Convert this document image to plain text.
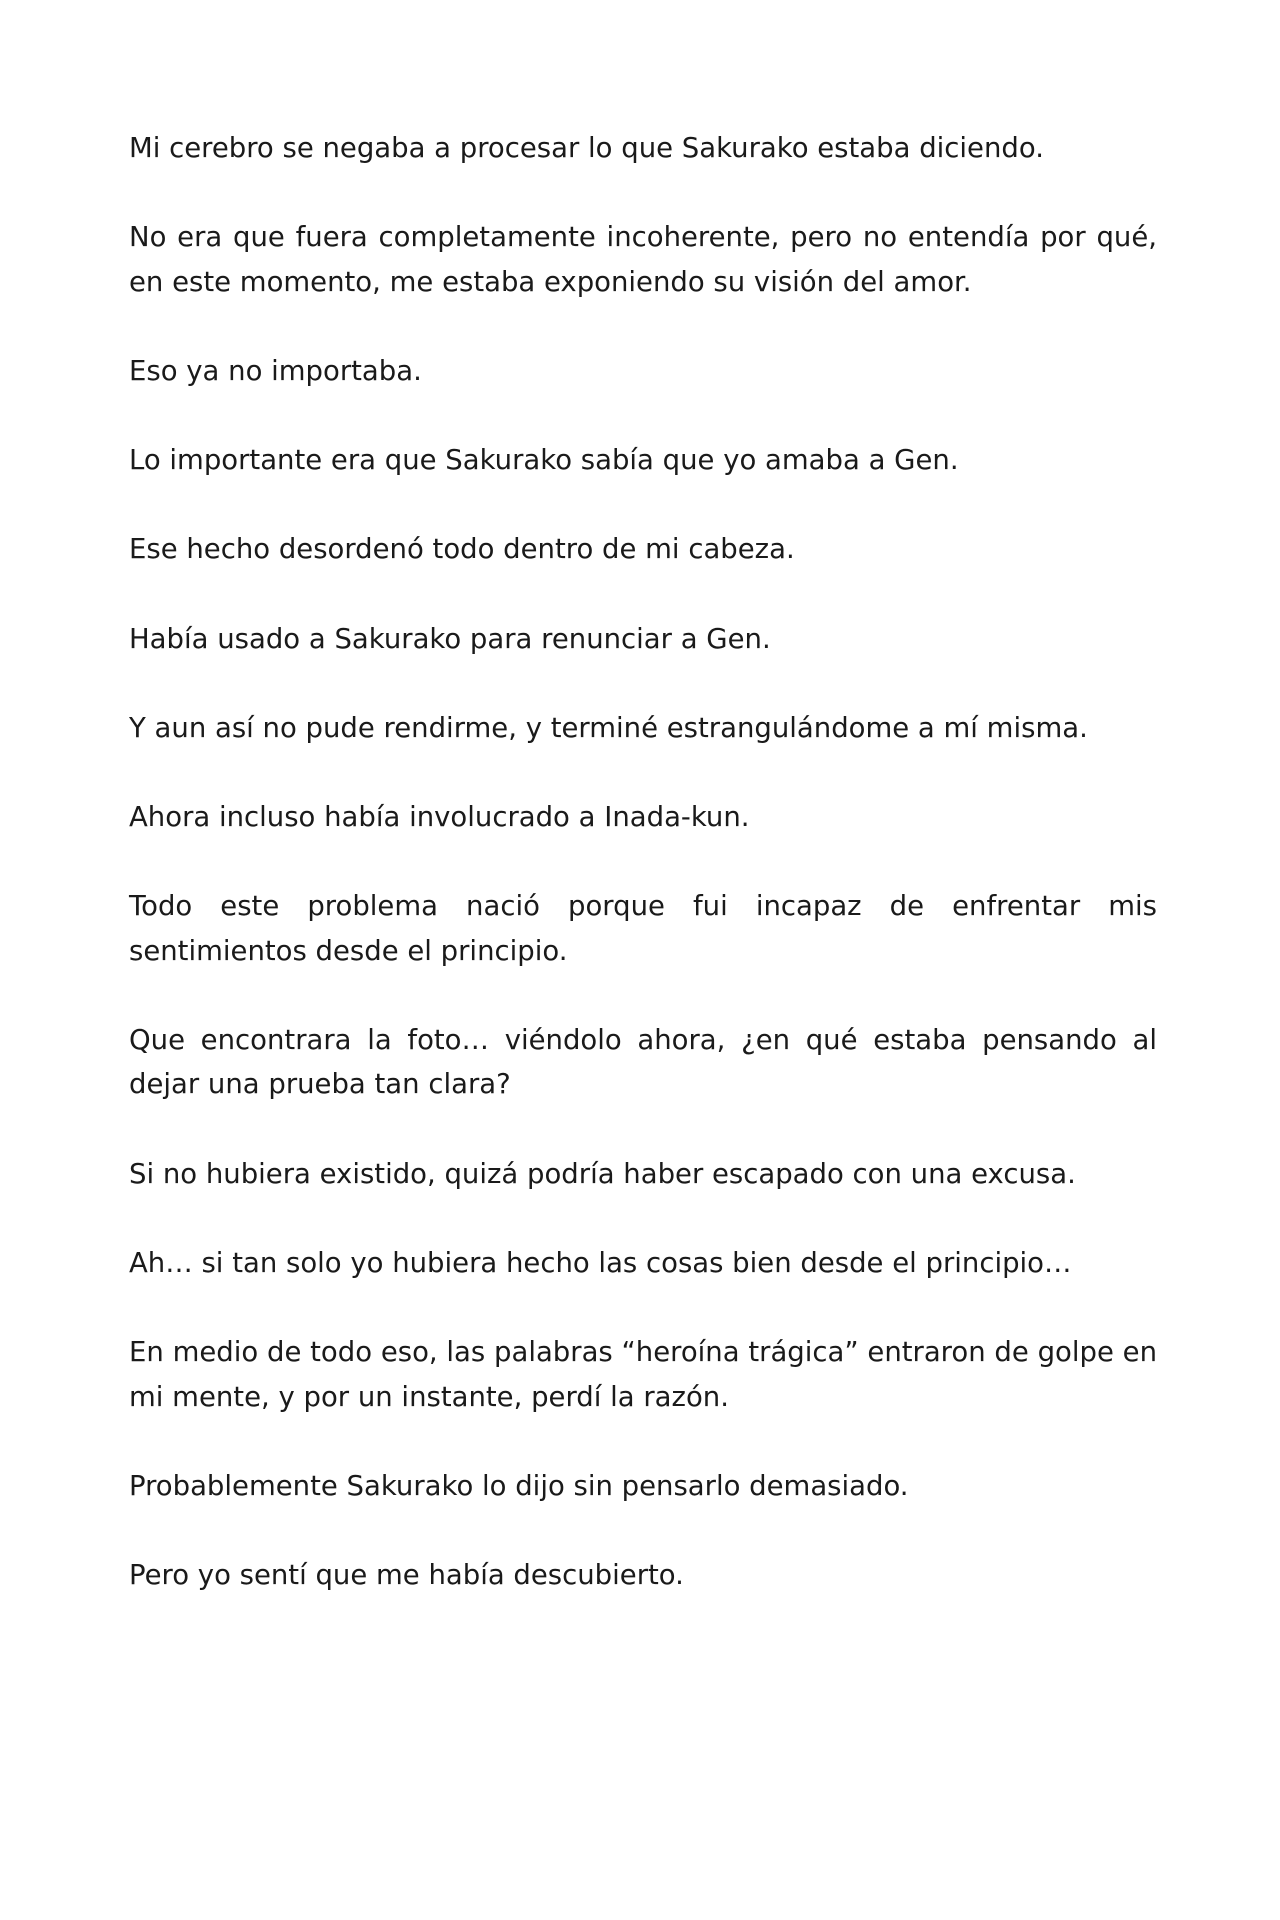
Mi cerebro se negaba a procesar lo que Sakurako estaba diciendo.

No era que fuera completamente incoherente, pero no entendía por qué, en este momento, me estaba exponiendo su visión del amor.

Eso ya no importaba.

Lo importante era que Sakurako sabía que yo amaba a Gen.

Ese hecho desordenó todo dentro de mi cabeza.

Había usado a Sakurako para renunciar a Gen.

Y aun así no pude rendirme, y terminé estrangulándome a mí misma.

Ahora incluso había involucrado a Inada-kun.

Todo este problema nació porque fui incapaz de enfrentar mis sentimientos desde el principio.

Que encontrara la foto… viéndolo ahora, ¿en qué estaba pensando al dejar una prueba tan clara?

Si no hubiera existido, quizá podría haber escapado con una excusa.

Ah… si tan solo yo hubiera hecho las cosas bien desde el principio…

En medio de todo eso, las palabras “heroína trágica” entraron de golpe en mi mente, y por un instante, perdí la razón.

Probablemente Sakurako lo dijo sin pensarlo demasiado.

Pero yo sentí que me había descubierto.
